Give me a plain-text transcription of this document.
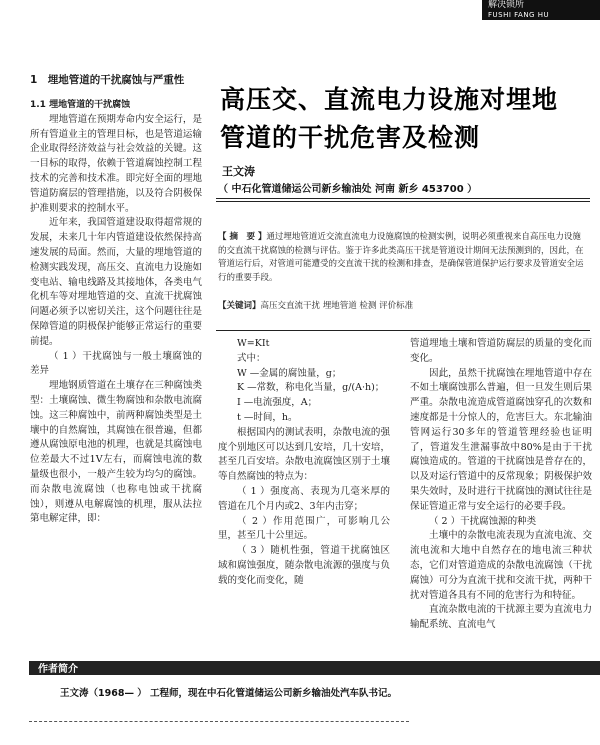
解决锁所
FUSHI FANG HU
高压交、直流电力设施对埋地
管道的干扰危害及检测
王文涛
（ 中石化管道储运公司新乡输油处 河南 新乡 453700 ）
【 摘　要 】通过埋地管道近交流直流电力设施腐蚀的检测实例，说明必须重视来自高压电力设施的交直流干扰腐蚀的检测与评估。鉴于许多此类高压干扰是管道设计期间无法预测到的，因此，在管道运行后，对管道可能遭受的交直流干扰的检测和排查，是确保管道保护运行要求及管道安全运行的重要手段。
【关键词】高压交直流干扰 埋地管道 检测 评价标准

1　埋地管道的干扰腐蚀与严重性

1.1 埋地管道的干扰腐蚀

埋地管道在预期寿命内安全运行，是所有管道业主的管理目标，也是管道运输企业取得经济效益与社会效益的关键。这一目标的取得，依赖于管道腐蚀控制工程技术的完善和技术准。即完好全面的埋地管道防腐层的管理措施，以及符合阴极保护准则要求的控制水平。

近年来，我国管道建设取得超常规的发展，未来几十年内管道建设依然保持高速发展的局面。然而，大量的埋地管道的检测实践发现，高压交、直流电力设施如变电站、输电线路及其接地体，各类电气化机车等对埋地管道的交、直流干扰腐蚀问题必须予以密切关注，这个问题往往是保障管道的阴极保护能够正常运行的重要前提。

（ 1 ）干扰腐蚀与一般土壤腐蚀的差异

埋地钢质管道在土壤存在三种腐蚀类型：土壤腐蚀、微生物腐蚀和杂散电流腐蚀。这三种腐蚀中，前两种腐蚀类型是土壤中的自然腐蚀，其腐蚀在很普遍，但都遵从腐蚀原电池的机理，也就是其腐蚀电位差最大不过1V左右，而腐蚀电流的数量级也很小，一般产生较为均匀的腐蚀。而杂散电流腐蚀（也称电蚀或干扰腐蚀），则遵从电解腐蚀的机理，服从法拉第电解定律，即：

W=KIt

式中：

W —金属的腐蚀量，g；

K —常数，称电化当量，g/(A·h)；

I —电流强度，A；

t —时间，h。

根据国内的测试表明，杂散电流的强度个别地区可以达到几安培，几十安培，甚至几百安培。杂散电流腐蚀区别于土壤等自然腐蚀的特点为：

（ 1 ）强度高、表现为几毫米厚的管道在几个月内或2、3年内击穿；

（ 2 ）作用范围广，可影响几公里，甚至几十公里远。

（ 3 ）随机性强，管道干扰腐蚀区域和腐蚀强度，随杂散电流源的强度与负载的变化而变化，随

管道埋地土壤和管道防腐层的质量的变化而变化。

因此，虽然干扰腐蚀在埋地管道中存在不如土壤腐蚀那么普遍，但一旦发生则后果严重。杂散电流造成管道腐蚀穿孔的次数和速度都是十分惊人的，危害巨大。东北输油管网运行30多年的管道管理经验也证明了，管道发生泄漏事故中80%是由于干扰腐蚀造成的。管道的干扰腐蚀是普存在的，以及对运行管道中的反常现象；阴极保护效果失效时，及时进行干扰腐蚀的测试往往是保证管道正常与安全运行的必要手段。

（ 2 ）干扰腐蚀源的种类

土壤中的杂散电流表现为直流电流、交流电流和大地中自然存在的地电流三种状态，它们对管道造成的杂散电流腐蚀（干扰腐蚀）可分为直流干扰和交流干扰，两种干扰对管道各具有不同的危害行为和特征。

直流杂散电流的干扰源主要为直流电力输配系统、直流电气

作者简介
王文涛（1968— ） 工程师，现在中石化管道储运公司新乡输油处汽车队书记。
